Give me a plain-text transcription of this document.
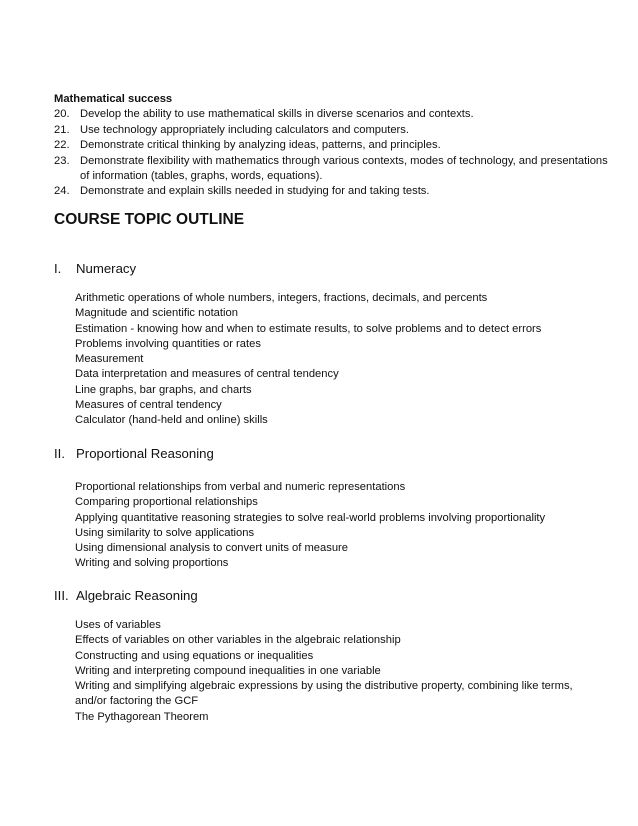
Mathematical success
20. Develop the ability to use mathematical skills in diverse scenarios and contexts.
21. Use technology appropriately including calculators and computers.
22. Demonstrate critical thinking by analyzing ideas, patterns, and principles.
23. Demonstrate flexibility with mathematics through various contexts, modes of technology, and presentations of information (tables, graphs, words, equations).
24. Demonstrate and explain skills needed in studying for and taking tests.
COURSE TOPIC OUTLINE
I. Numeracy
Arithmetic operations of whole numbers, integers, fractions, decimals, and percents
Magnitude and scientific notation
Estimation - knowing how and when to estimate results, to solve problems and to detect errors
Problems involving quantities or rates
Measurement
Data interpretation and measures of central tendency
Line graphs, bar graphs, and charts
Measures of central tendency
Calculator (hand-held and online) skills
II. Proportional Reasoning
Proportional relationships from verbal and numeric representations
Comparing proportional relationships
Applying quantitative reasoning strategies to solve real-world problems involving proportionality
Using similarity to solve applications
Using dimensional analysis to convert units of measure
Writing and solving proportions
III. Algebraic Reasoning
Uses of variables
Effects of variables on other variables in the algebraic relationship
Constructing and using equations or inequalities
Writing and interpreting compound inequalities in one variable
Writing and simplifying algebraic expressions by using the distributive property, combining like terms, and/or factoring the GCF
The Pythagorean Theorem
